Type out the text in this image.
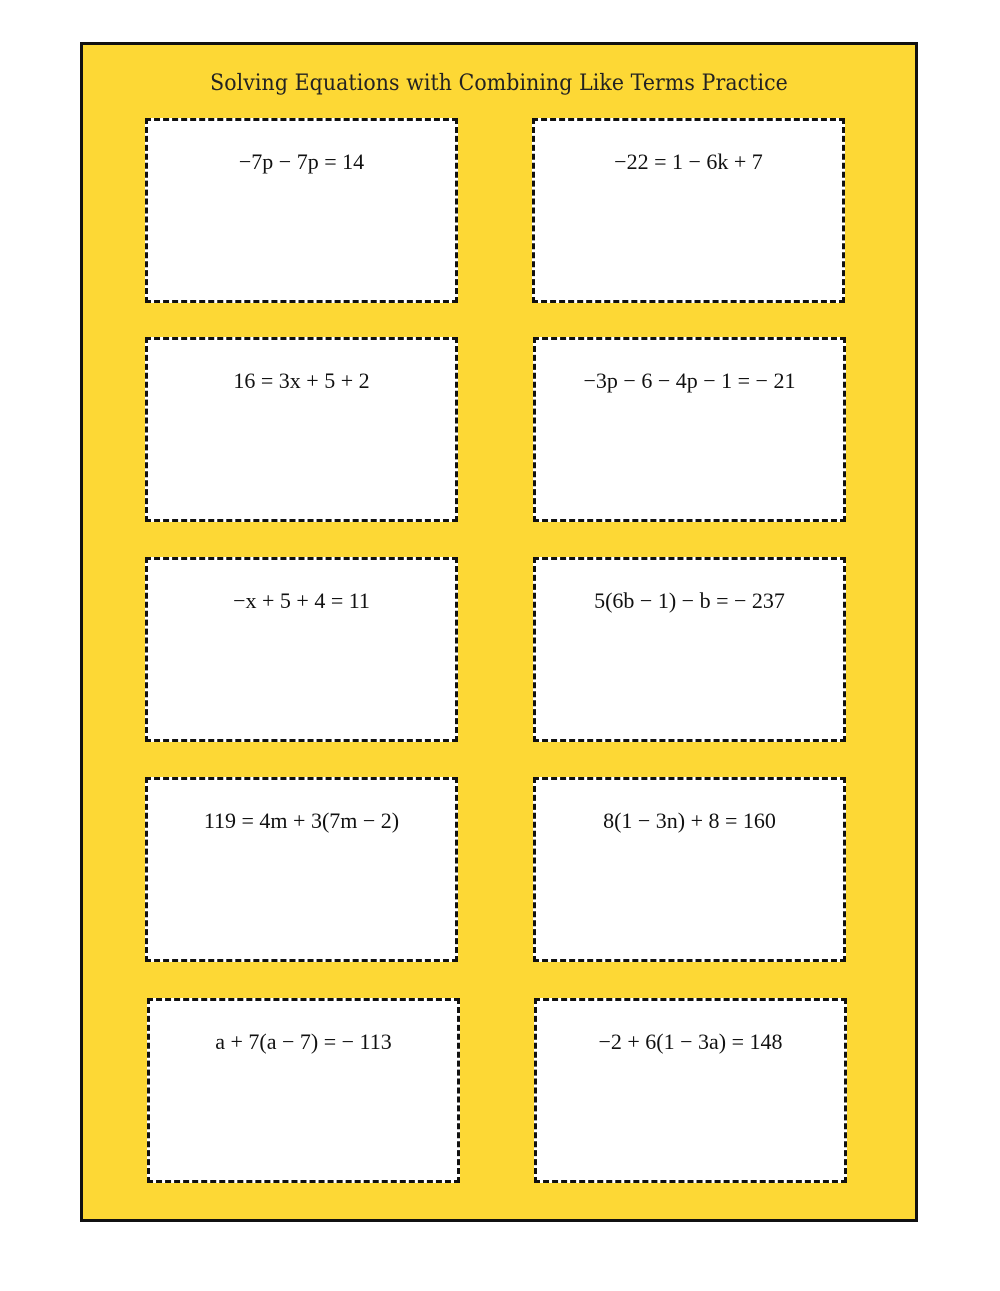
Solving Equations with Combining Like Terms Practice
−7p − 7p = 14	−22 = 1 − 6k + 7
16 = 3x + 5 + 2	−3p − 6 − 4p − 1 = − 21
−x + 5 + 4 = 11	5(6b − 1) − b = − 237
119 = 4m + 3(7m − 2)	8(1 − 3n) + 8 = 160
a + 7(a − 7) = − 113	−2 + 6(1 − 3a) = 148
